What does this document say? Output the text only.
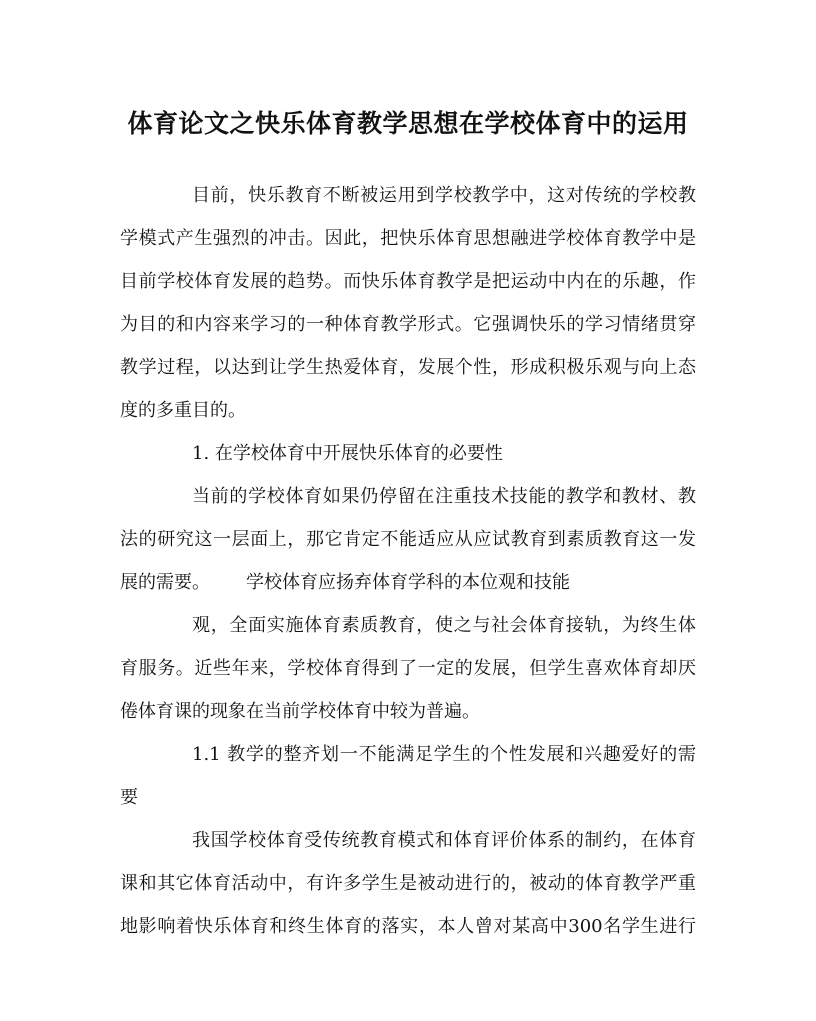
体育论文之快乐体育教学思想在学校体育中的运用
目前，快乐教育不断被运用到学校教学中，这对传统的学校教
学模式产生强烈的冲击。因此，把快乐体育思想融进学校体育教学中是
目前学校体育发展的趋势。而快乐体育教学是把运动中内在的乐趣，作
为目的和内容来学习的一种体育教学形式。它强调快乐的学习情绪贯穿
教学过程，以达到让学生热爱体育，发展个性，形成积极乐观与向上态
度的多重目的。
1. 在学校体育中开展快乐体育的必要性
当前的学校体育如果仍停留在注重技术技能的教学和教材、教
法的研究这一层面上，那它肯定不能适应从应试教育到素质教育这一发
展的需要。 学校体育应扬弃体育学科的本位观和技能
观，全面实施体育素质教育，使之与社会体育接轨，为终生体
育服务。近些年来，学校体育得到了一定的发展，但学生喜欢体育却厌
倦体育课的现象在当前学校体育中较为普遍。
1.1 教学的整齐划一不能满足学生的个性发展和兴趣爱好的需
要
我国学校体育受传统教育模式和体育评价体系的制约，在体育
课和其它体育活动中，有许多学生是被动进行的，被动的体育教学严重
地影响着快乐体育和终生体育的落实，本人曾对某高中300名学生进行
